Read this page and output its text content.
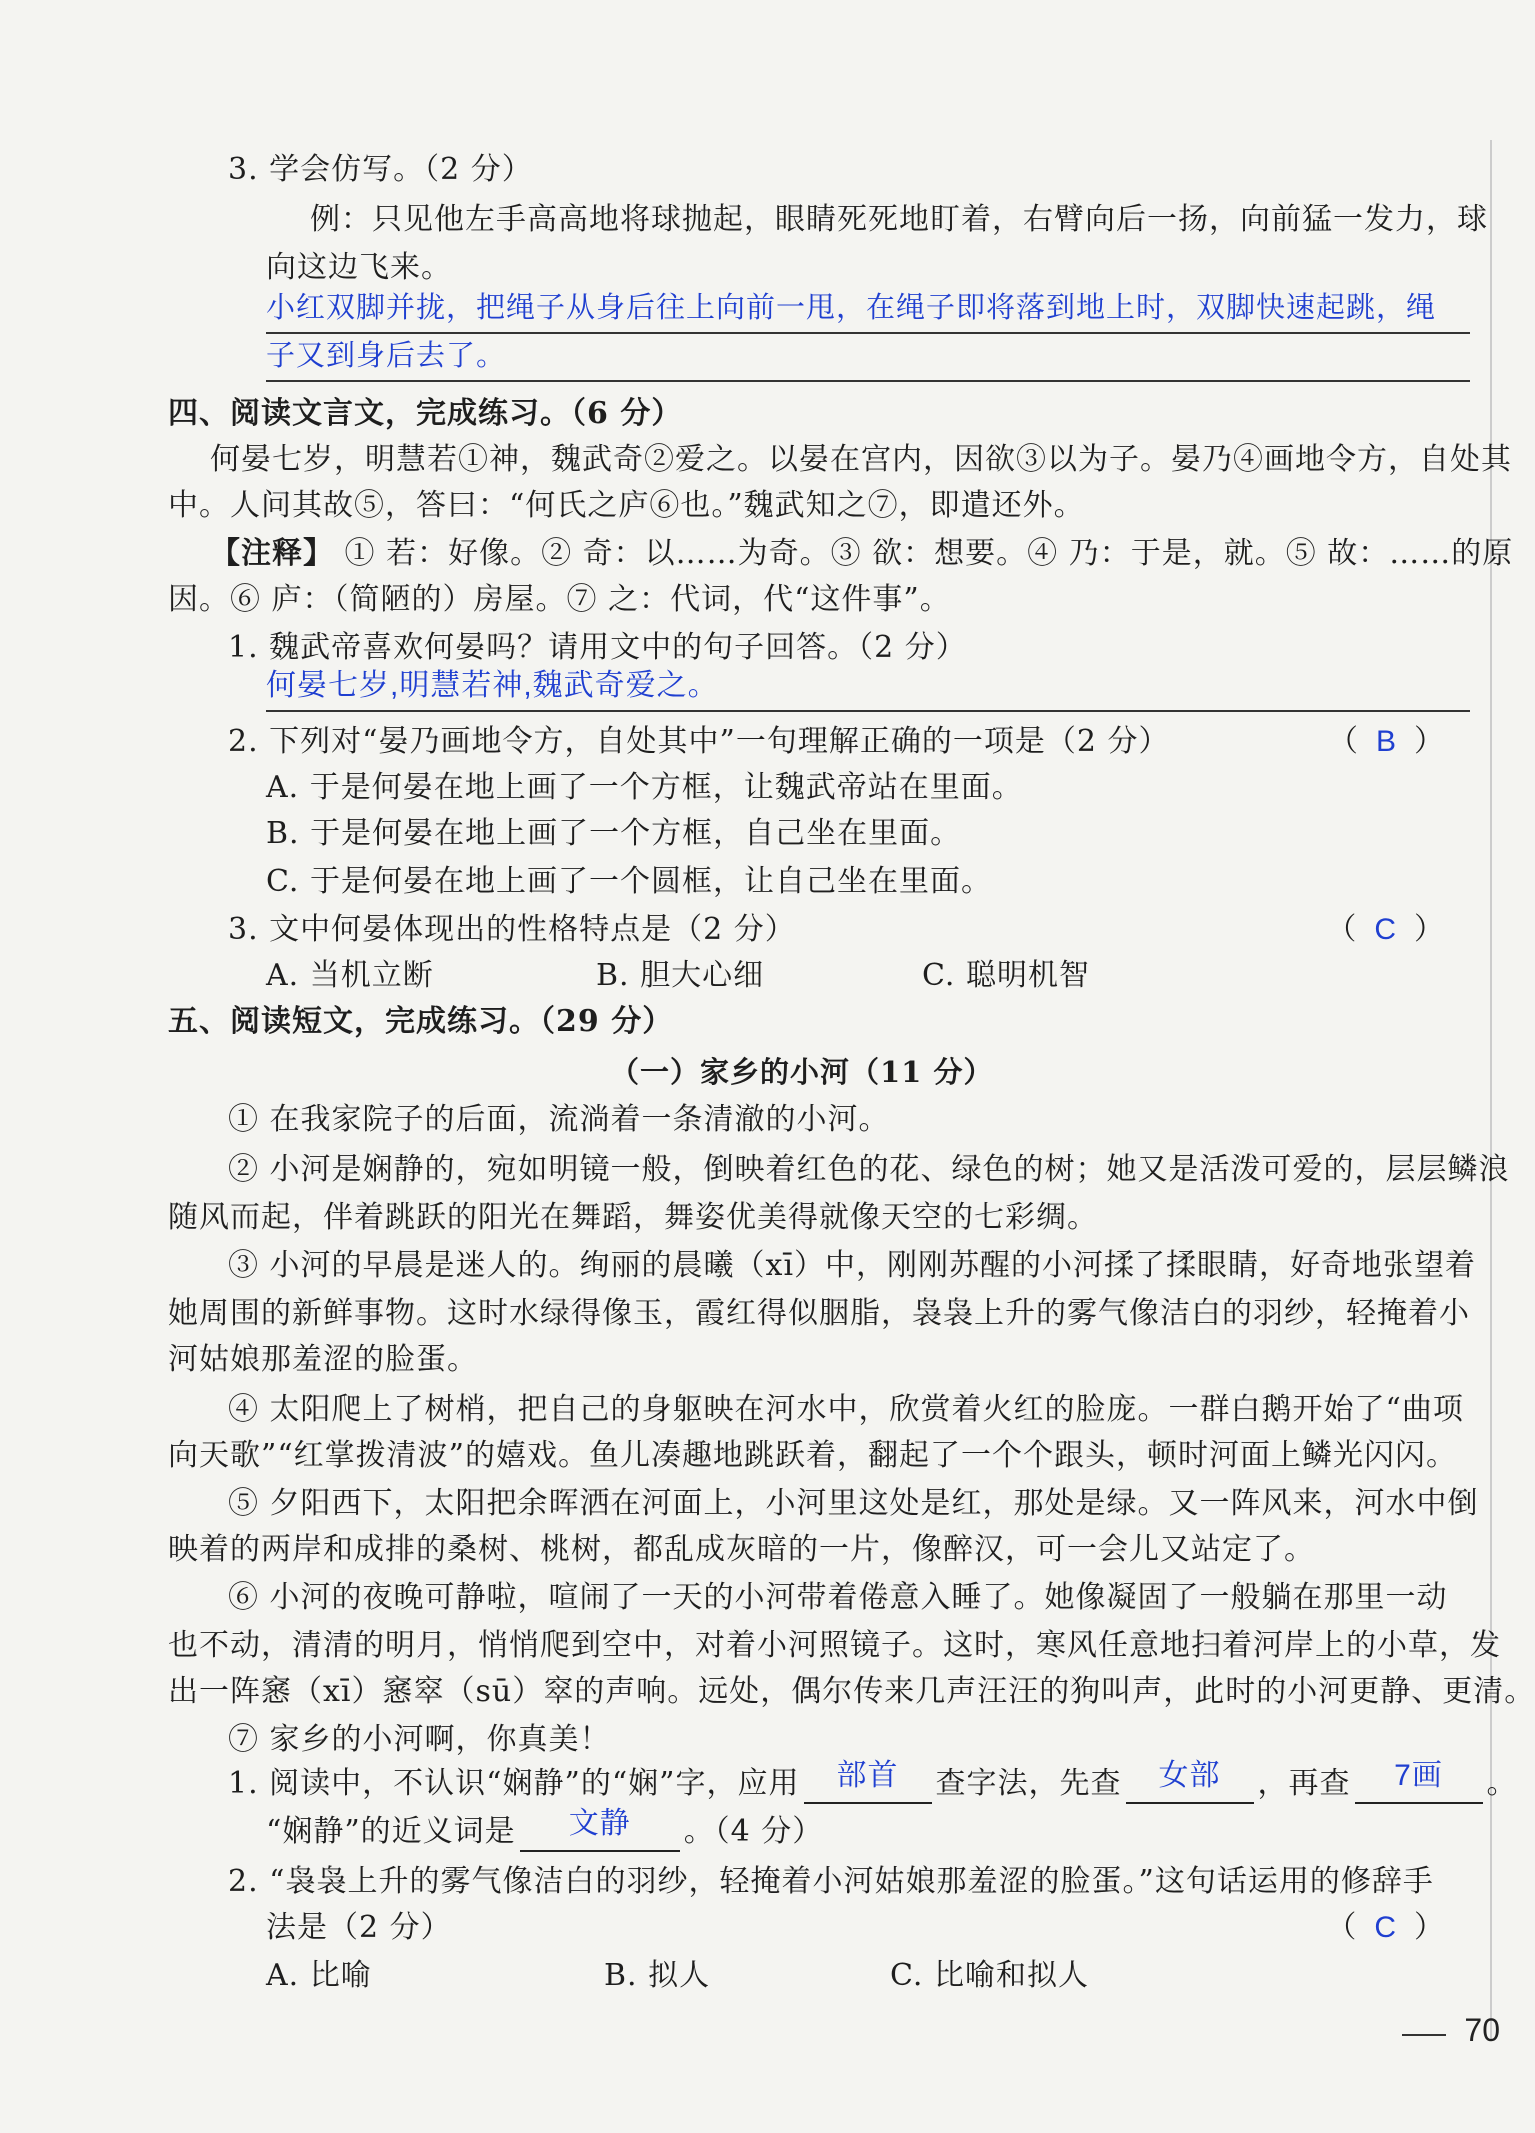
3. 学会仿写。（2 分）
例：只见他左手高高地将球抛起，眼睛死死地盯着，右臂向后一扬，向前猛一发力，球
向这边飞来。
小红双脚并拢，把绳子从身后往上向前一甩，在绳子即将落到地上时，双脚快速起跳，绳
子又到身后去了。
四、阅读文言文，完成练习。（6 分）
何晏七岁，明慧若①神，魏武奇②爱之。以晏在宫内，因欲③以为子。晏乃④画地令方，自处其
中。人问其故⑤，答曰：“何氏之庐⑥也。”魏武知之⑦，即遣还外。
【注释】 ① 若：好像。② 奇：以……为奇。③ 欲：想要。④ 乃：于是，就。⑤ 故：……的原
因。⑥ 庐：（简陋的）房屋。⑦ 之：代词，代“这件事”。
1. 魏武帝喜欢何晏吗？请用文中的句子回答。（2 分）
何晏七岁,明慧若神,魏武奇爱之。
2. 下列对“晏乃画地令方，自处其中”一句理解正确的一项是（2 分）	（ B ）
A. 于是何晏在地上画了一个方框，让魏武帝站在里面。
B. 于是何晏在地上画了一个方框，自己坐在里面。
C. 于是何晏在地上画了一个圆框，让自己坐在里面。
3. 文中何晏体现出的性格特点是（2 分）	（ C ）
A. 当机立断	B. 胆大心细	C. 聪明机智
五、阅读短文，完成练习。（29 分）
（一）家乡的小河（11 分）
① 在我家院子的后面，流淌着一条清澈的小河。
② 小河是娴静的，宛如明镜一般，倒映着红色的花、绿色的树；她又是活泼可爱的，层层鳞浪
随风而起，伴着跳跃的阳光在舞蹈，舞姿优美得就像天空的七彩绸。
③ 小河的早晨是迷人的。绚丽的晨曦（xī）中，刚刚苏醒的小河揉了揉眼睛，好奇地张望着
她周围的新鲜事物。这时水绿得像玉，霞红得似胭脂，袅袅上升的雾气像洁白的羽纱，轻掩着小
河姑娘那羞涩的脸蛋。
④ 太阳爬上了树梢，把自己的身躯映在河水中，欣赏着火红的脸庞。一群白鹅开始了“曲项
向天歌”“红掌拨清波”的嬉戏。鱼儿凑趣地跳跃着，翻起了一个个跟头，顿时河面上鳞光闪闪。
⑤ 夕阳西下，太阳把余晖洒在河面上，小河里这处是红，那处是绿。又一阵风来，河水中倒
映着的两岸和成排的桑树、桃树，都乱成灰暗的一片，像醉汉，可一会儿又站定了。
⑥ 小河的夜晚可静啦，喧闹了一天的小河带着倦意入睡了。她像凝固了一般躺在那里一动
也不动，清清的明月，悄悄爬到空中，对着小河照镜子。这时，寒风任意地扫着河岸上的小草，发
出一阵窸（xī）窸窣（sū）窣的声响。远处，偶尔传来几声汪汪的狗叫声，此时的小河更静、更清。
⑦ 家乡的小河啊，你真美！
1. 阅读中，不认识“娴静”的“娴”字，应用	部首	查字法，先查	女部	，再查	7画	。
“娴静”的近义词是	文静	。（4 分）
2. “袅袅上升的雾气像洁白的羽纱，轻掩着小河姑娘那羞涩的脸蛋。”这句话运用的修辞手
法是（2 分）	（ C ）
A. 比喻	B. 拟人	C. 比喻和拟人
70
